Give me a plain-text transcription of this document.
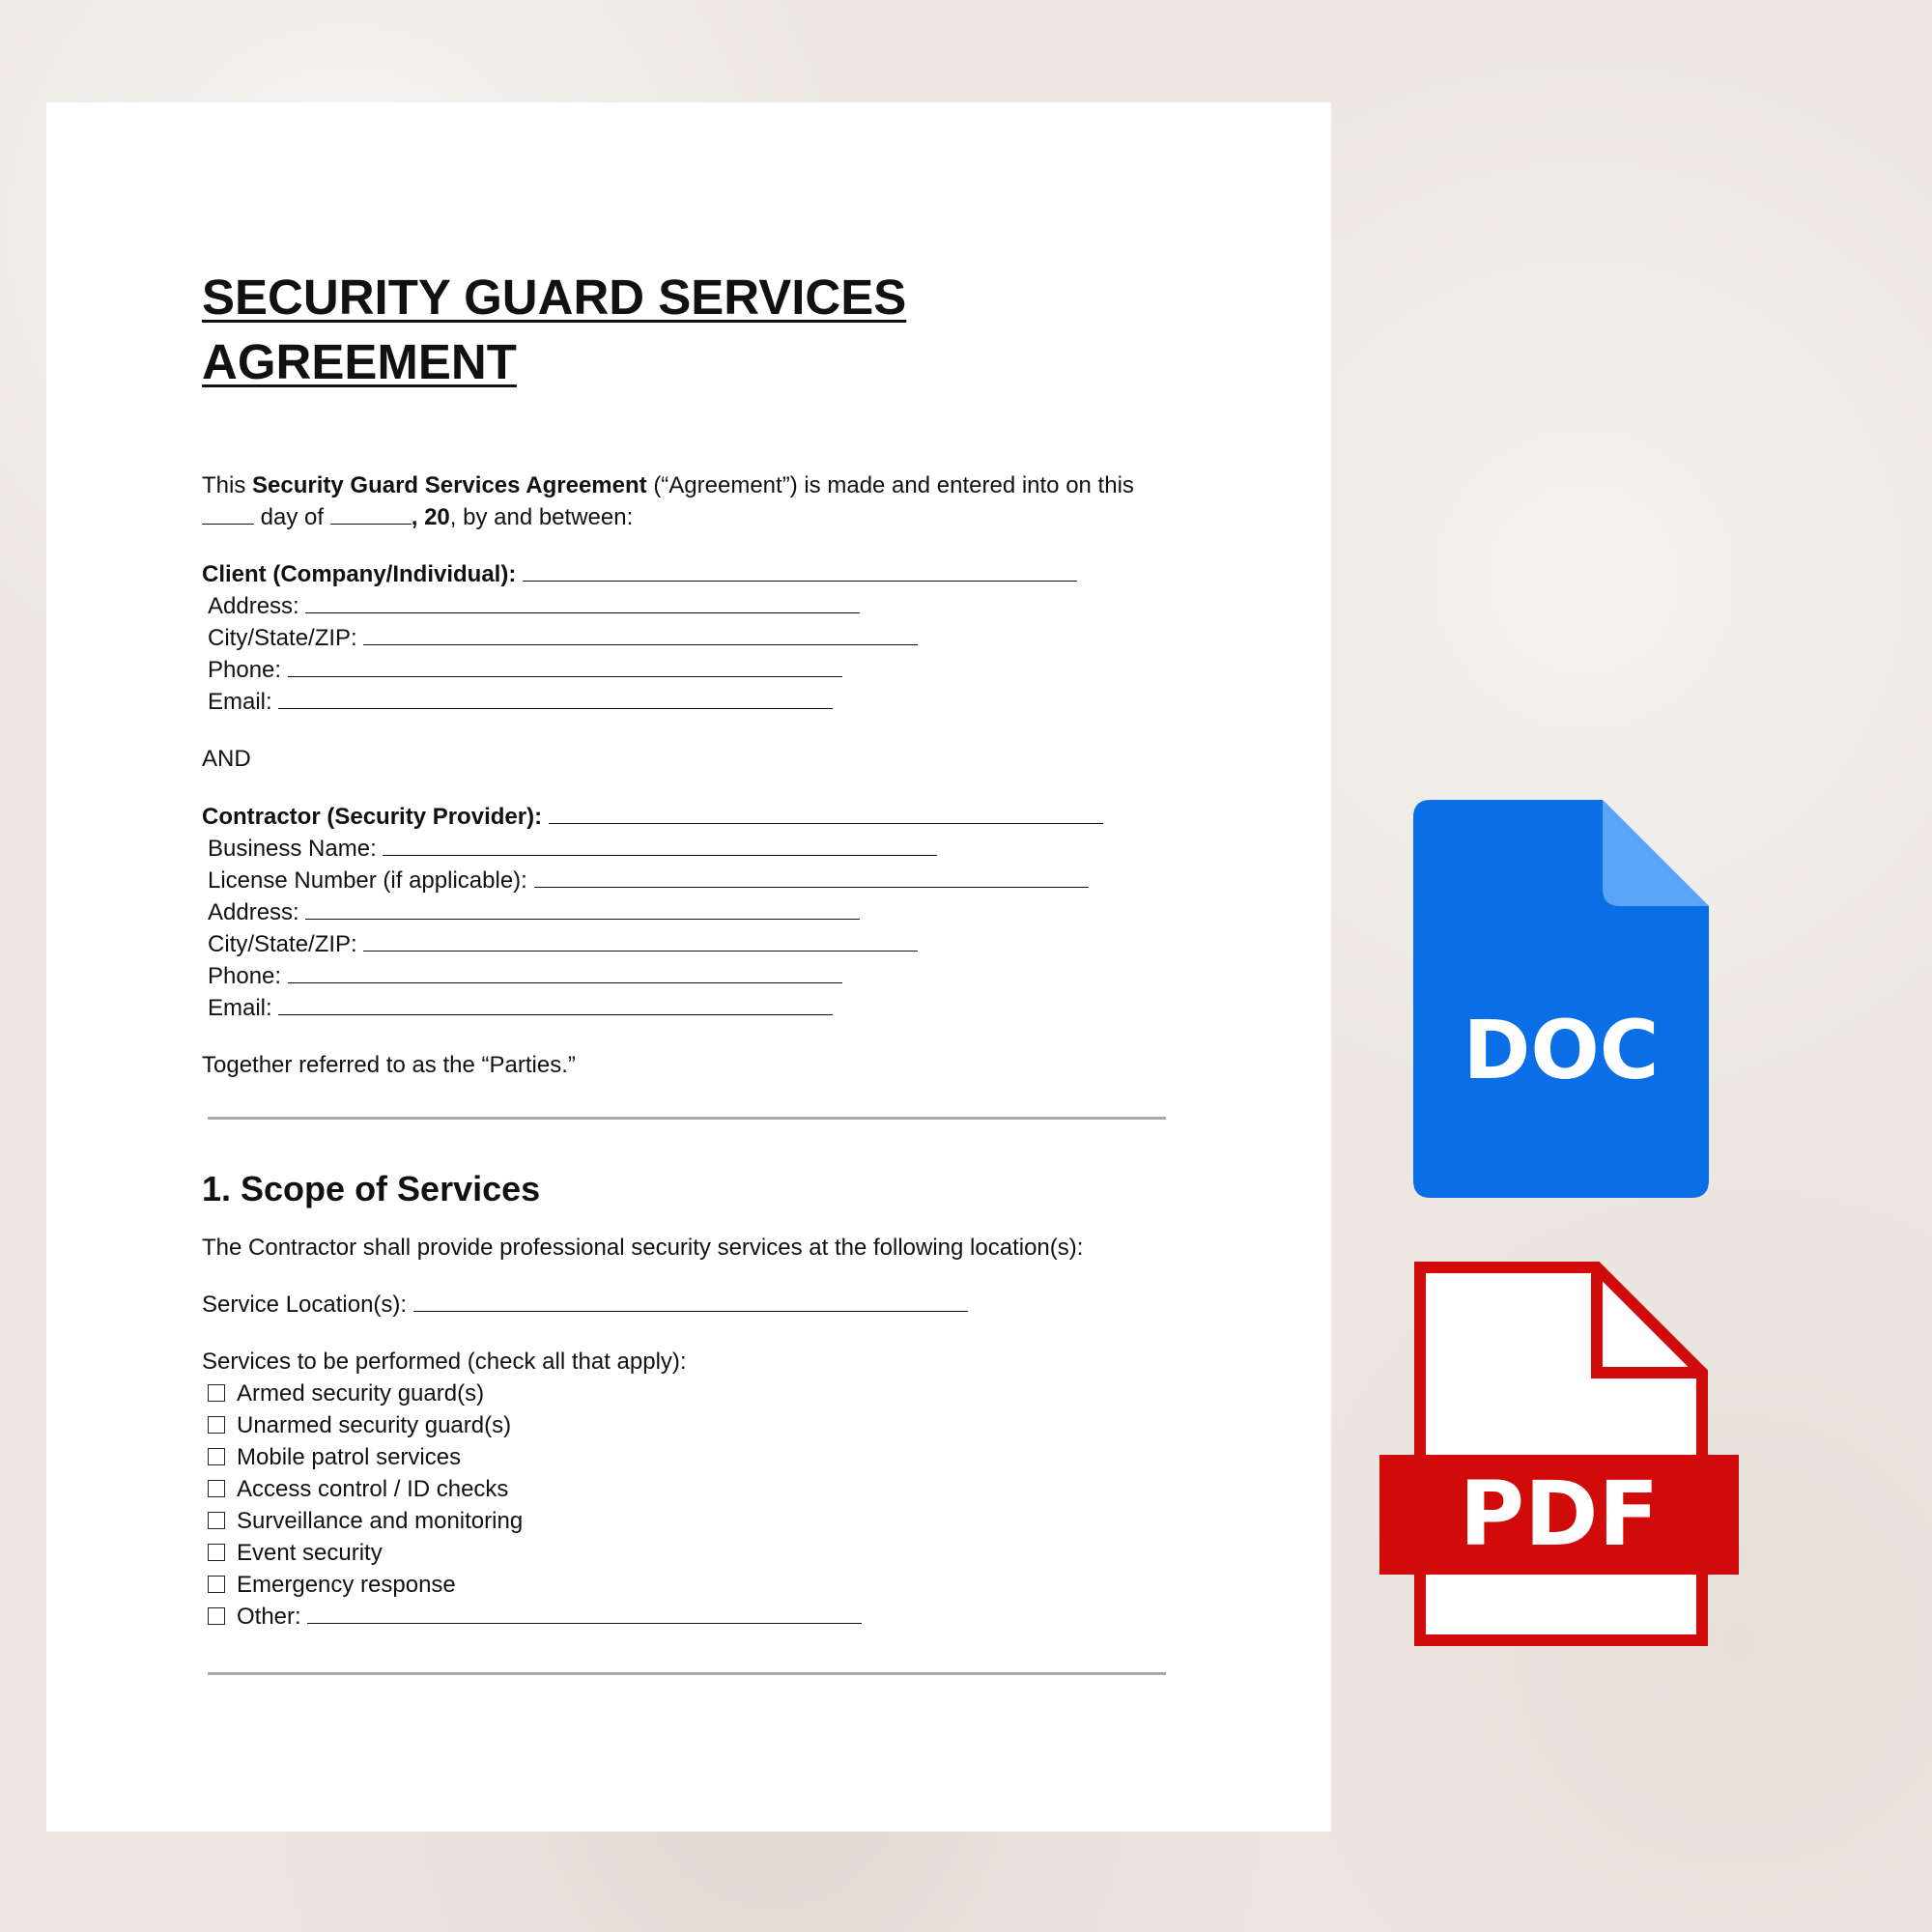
SECURITY GUARD SERVICES
AGREEMENT

This Security Guard Services Agreement (“Agreement”) is made and entered into on this
day of	, 20, by and between:

Client (Company/Individual):

Address:

City/State/ZIP:

Phone:

Email:

AND

Contractor (Security Provider):

Business Name:

License Number (if applicable):

Address:

City/State/ZIP:

Phone:

Email:

Together referred to as the “Parties.”

1. Scope of Services

The Contractor shall provide professional security services at the following location(s):

Service Location(s):

Services to be performed (check all that apply):

Armed security guard(s)

Unarmed security guard(s)

Mobile patrol services

Access control / ID checks

Surveillance and monitoring

Event security

Emergency response

Other:

DOC
PDF
